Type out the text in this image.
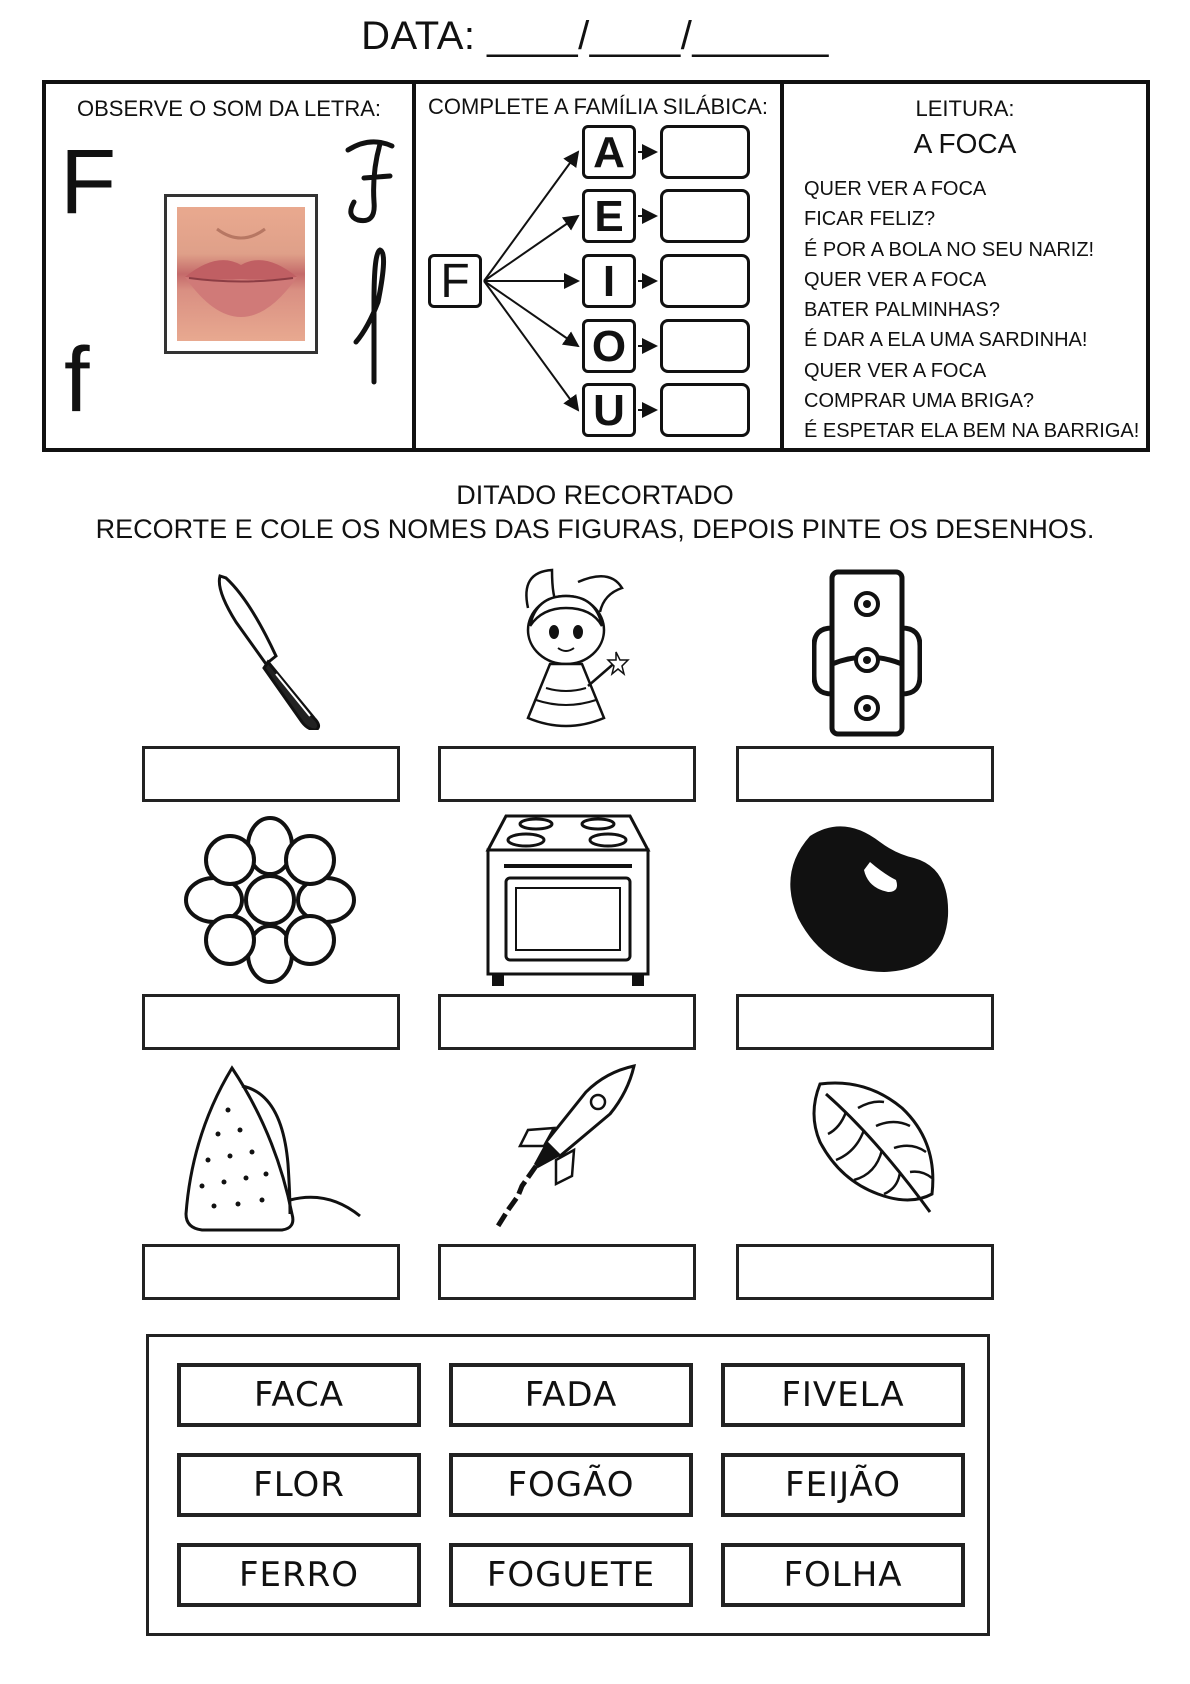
DATA: ____/____/______
OBSERVE O SOM DA LETRA:
F
f
COMPLETE A FAMÍLIA SILÁBICA:
F
A
E
I
O
U
LEITURA:
A FOCA
QUER VER A FOCA
FICAR FELIZ?
É POR A BOLA NO SEU NARIZ!
QUER VER A FOCA
BATER PALMINHAS?
É DAR A ELA UMA SARDINHA!
QUER VER A FOCA
COMPRAR UMA BRIGA?
É ESPETAR ELA BEM NA BARRIGA!
DITADO RECORTADO
RECORTE E COLE OS NOMES DAS FIGURAS, DEPOIS PINTE OS DESENHOS.
FACA	FADA	FIVELA
FLOR	FOGÃO	FEIJÃO
FERRO	FOGUETE	FOLHA
